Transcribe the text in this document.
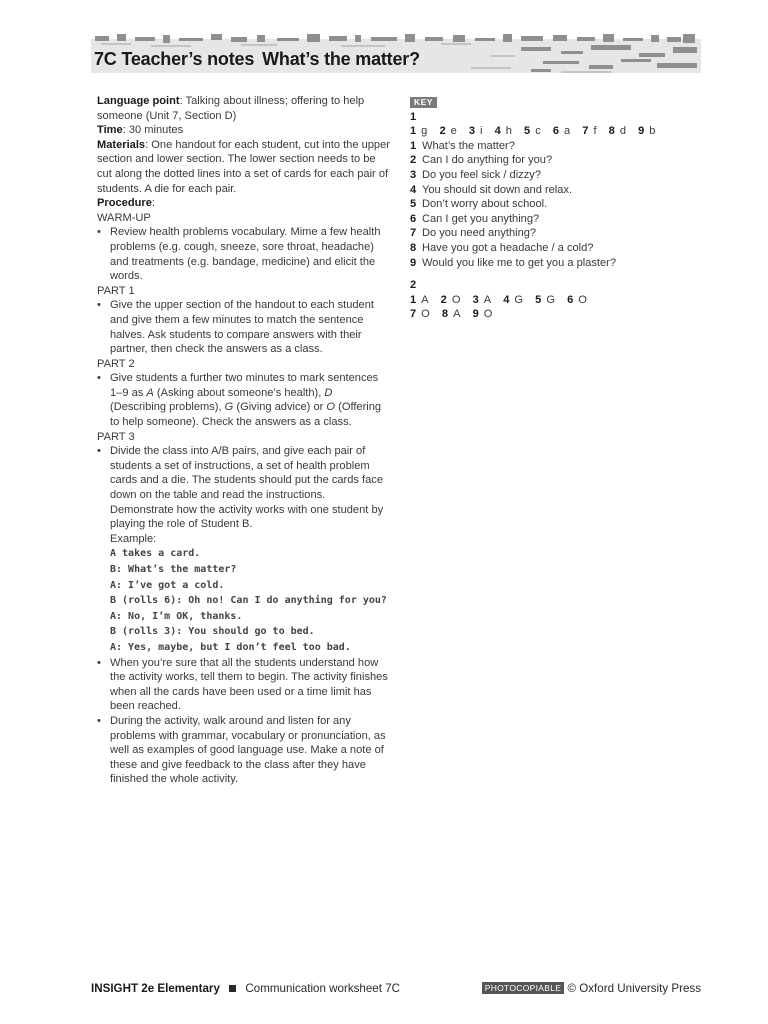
7C Teacher’s notes What’s the matter?

Language point: Talking about illness; offering to help someone (Unit 7, Section D)

Time: 30 minutes

Materials: One handout for each student, cut into the upper section and lower section. The lower section needs to be cut along the dotted lines into a set of cards for each pair of students. A die for each pair.

Procedure:

WARM-UP

• Review health problems vocabulary. Mime a few health problems (e.g. cough, sneeze, sore throat, headache) and treatments (e.g. bandage, medicine) and elicit the words.

PART 1

• Give the upper section of the handout to each student and give them a few minutes to match the sentence halves. Ask students to compare answers with their partner, then check the answers as a class.

PART 2

• Give students a further two minutes to mark sentences 1–9 as A (Asking about someone’s health), D (Describing problems), G (Giving advice) or O (Offering to help someone). Check the answers as a class.

PART 3

• Divide the class into A/B pairs, and give each pair of students a set of instructions, a set of health problem cards and a die. The students should put the cards face down on the table and read the instructions. Demonstrate how the activity works with one student by playing the role of Student B.
Example:
A takes a card.
B: What’s the matter?
A: I’ve got a cold.
B (rolls 6): Oh no! Can I do anything for you?
A: No, I’m OK, thanks.
B (rolls 3): You should go to bed.
A: Yes, maybe, but I don’t feel too bad.
• When you’re sure that all the students understand how the activity works, tell them to begin. The activity finishes when all the cards have been used or a time limit has been reached.
• During the activity, walk around and listen for any problems with grammar, vocabulary or pronunciation, as well as examples of good language use. Make a note of these and give feedback to the class after they have finished the whole activity.
KEY
1
1 g 2 e 3 i 4 h 5 c 6 a 7 f 8 d 9 b
1 What’s the matter?
2 Can I do anything for you?
3 Do you feel sick / dizzy?
4 You should sit down and relax.
5 Don’t worry about school.
6 Can I get you anything?
7 Do you need anything?
8 Have you got a headache / a cold?
9 Would you like me to get you a plaster?
2
1 A 2 O 3 A 4 G 5 G 6 O
7 O 8 A 9 O
INSIGHT 2e Elementary Communication worksheet 7C	PHOTOCOPIABLE © Oxford University Press
